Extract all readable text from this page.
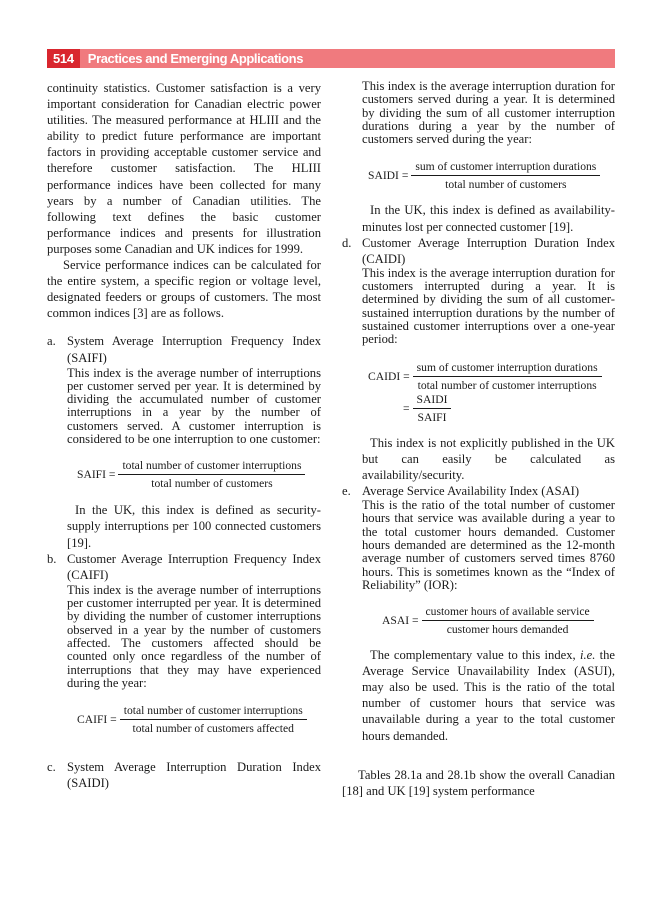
514	Practices and Emerging Applications

continuity statistics. Customer satisfaction is a very important consideration for Canadian electric power utilities. The measured performance at HLIII and the ability to predict future performance are important factors in providing acceptable customer service and therefore customer satisfaction. The HLIII performance indices have been collected for many years by a number of Canadian utilities. The following text defines the basic customer performance indices and presents for illustration purposes some Canadian and UK indices for 1999.

Service performance indices can be calculated for the entire system, a specific region or voltage level, designated feeders or groups of customers. The most common indices [3] are as follows.

a. System Average Interruption Frequency Index (SAIFI)

This index is the average number of interruptions per customer served per year. It is determined by dividing the accumulated number of customer interruptions in a year by the number of customers served. A customer interruption is considered to be one interruption to one customer:

SAIFI = $\frac{\text{total number of customer interruptions}}{\text{total number of customers}}$

In the UK, this index is defined as security-supply interruptions per 100 connected customers [19].

b. Customer Average Interruption Frequency Index (CAIFI)

This index is the average number of interruptions per customer interrupted per year. It is determined by dividing the number of customer interruptions observed in a year by the number of customers affected. The customers affected should be counted only once regardless of the number of interruptions that they may have experienced during the year:

CAIFI = $\frac{\text{total number of customer interruptions}}{\text{total number of customers affected}}$
c. System Average Interruption Duration Index (SAIDI)

This index is the average interruption duration for customers served during a year. It is determined by dividing the sum of all customer interruption durations during a year by the number of customers served during the year:

SAIDI = $\frac{\text{sum of customer interruption durations}}{\text{total number of customers}}$

In the UK, this index is defined as availability-minutes lost per connected customer [19].

d. Customer Average Interruption Duration Index (CAIDI)

This index is the average interruption duration for customers interrupted during a year. It is determined by dividing the sum of all customer-sustained interruption durations by the number of sustained customer interruptions over a one-year period:

CAIDI = $\frac{\text{sum of customer interruption durations}}{\text{total number of customer interruptions}}$
= $\frac{\text{SAIDI}}{\text{SAIFI}}$

This index is not explicitly published in the UK but can easily be calculated as availability/security.

e. Average Service Availability Index (ASAI)

This is the ratio of the total number of customer hours that service was available during a year to the total customer hours demanded. Customer hours demanded are determined as the 12-month average number of customers served times 8760 hours. This is sometimes known as the “Index of Reliability” (IOR):

ASAI = $\frac{\text{customer hours of available service}}{\text{customer hours demanded}}$

The complementary value to this index, i.e. the Average Service Unavailability Index (ASUI), may also be used. This is the ratio of the total number of customer hours that service was unavailable during a year to the total customer hours demanded.

Tables 28.1a and 28.1b show the overall Canadian [18] and UK [19] system performance
